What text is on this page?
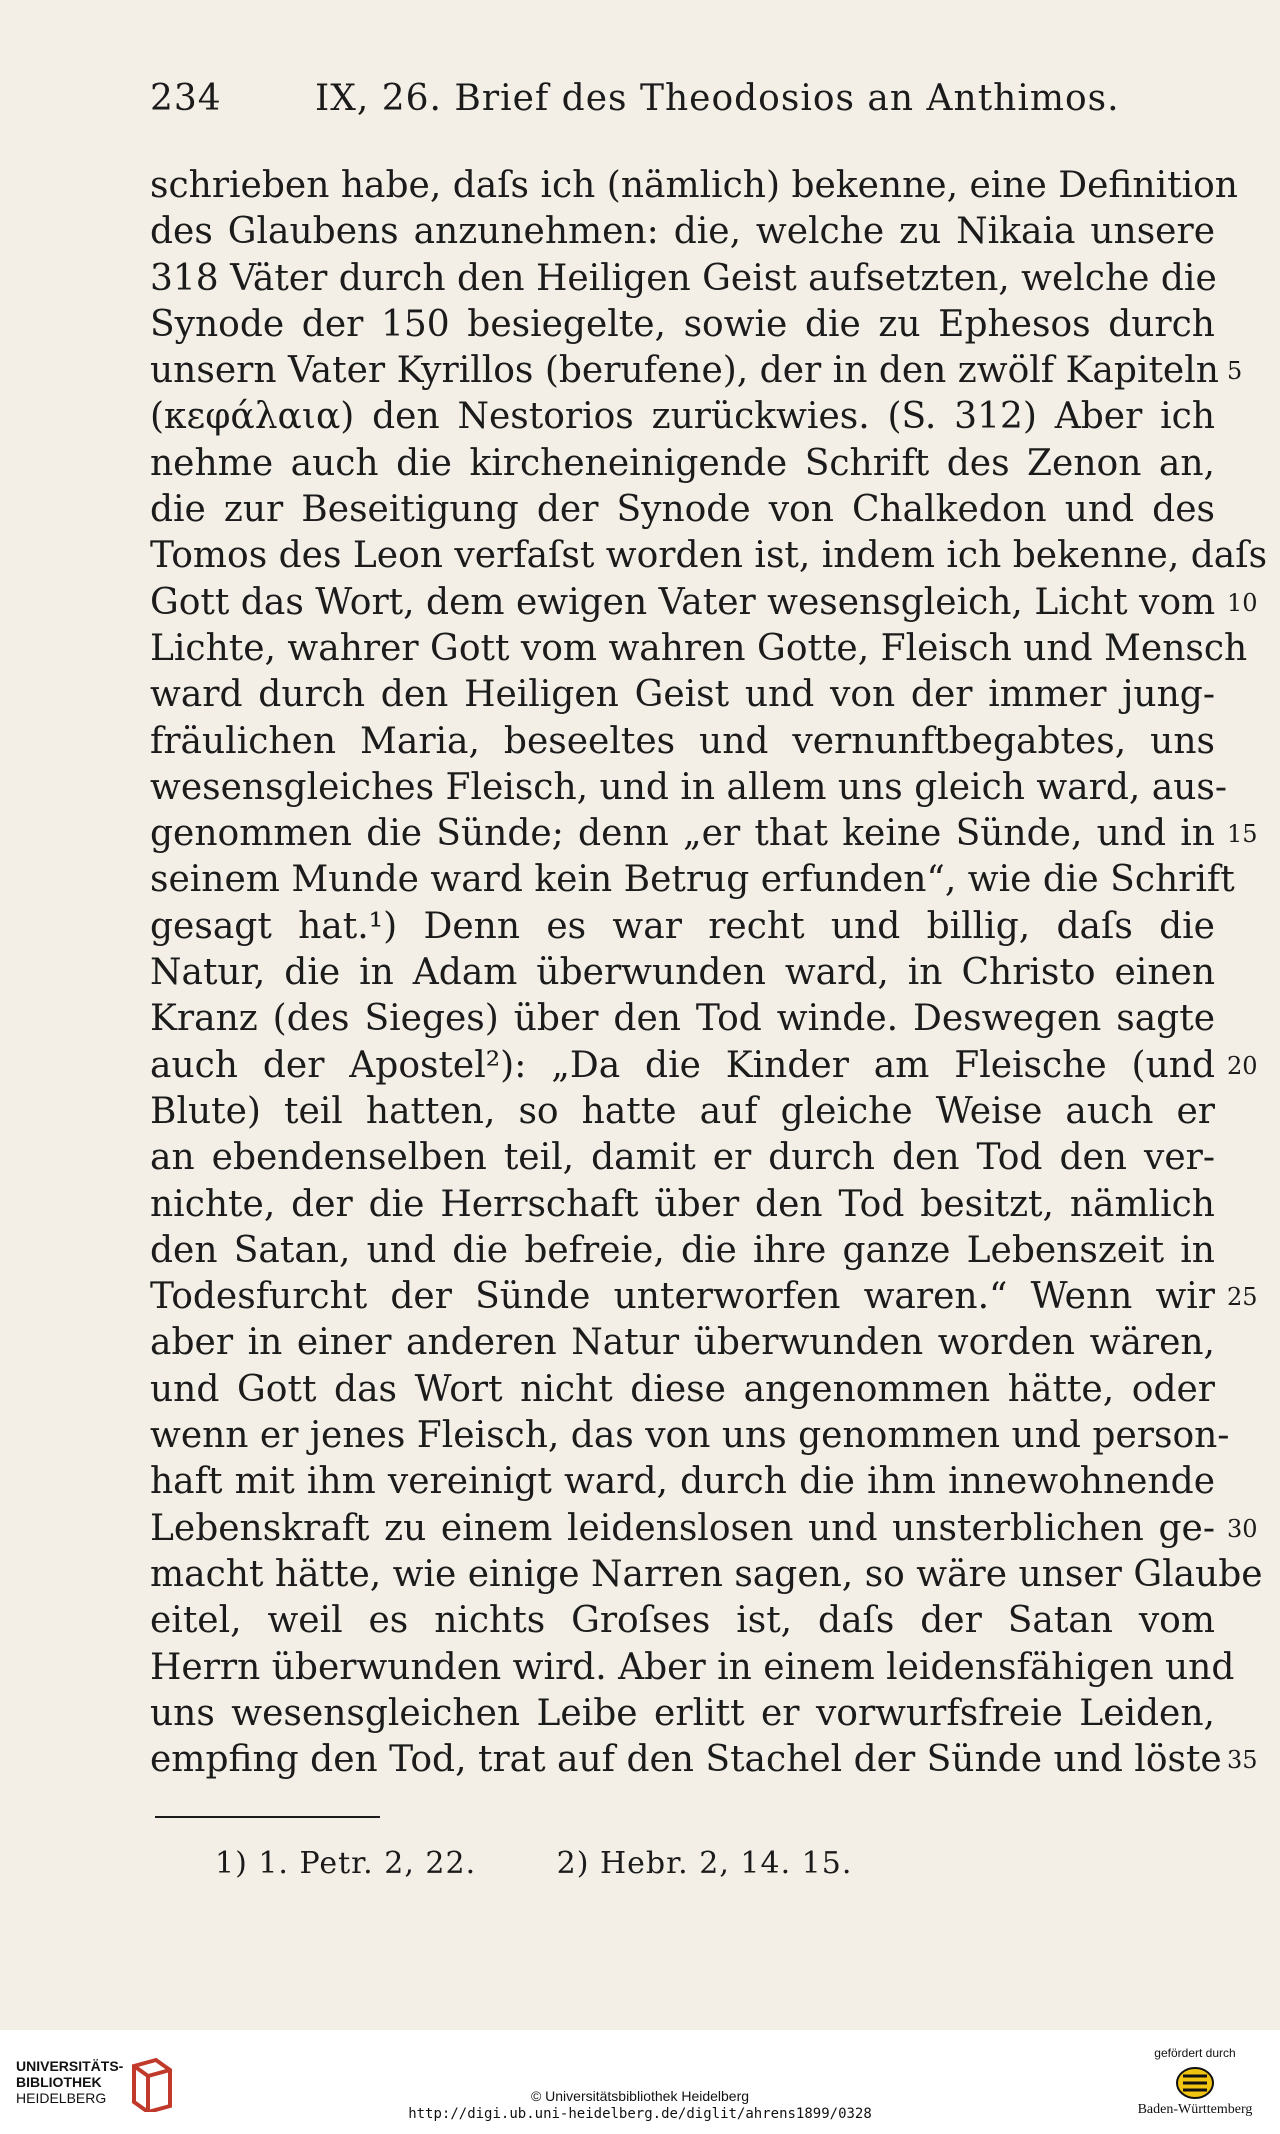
234	IX, 26. Brief des Theodosios an Anthimos.
schrieben habe, daſs ich (nämlich) bekenne, eine Definition
des Glaubens anzunehmen: die, welche zu Nikaia unsere
318 Väter durch den Heiligen Geist aufsetzten, welche die
Synode der 150 besiegelte, sowie die zu Ephesos durch
unsern Vater Kyrillos (berufene), der in den zwölf Kapiteln 5
(κεφάλαια) den Nestorios zurückwies. (S. 312) Aber ich
nehme auch die kircheneinigende Schrift des Zenon an,
die zur Beseitigung der Synode von Chalkedon und des
Tomos des Leon verfaſst worden ist, indem ich bekenne, daſs
Gott das Wort, dem ewigen Vater wesensgleich, Licht vom 10
Lichte, wahrer Gott vom wahren Gotte, Fleisch und Mensch
ward durch den Heiligen Geist und von der immer jung-
fräulichen Maria, beseeltes und vernunftbegabtes, uns
wesensgleiches Fleisch, und in allem uns gleich ward, aus-
genommen die Sünde; denn „er that keine Sünde, und in 15
seinem Munde ward kein Betrug erfunden“, wie die Schrift
gesagt hat.¹) Denn es war recht und billig, daſs die
Natur, die in Adam überwunden ward, in Christo einen
Kranz (des Sieges) über den Tod winde. Deswegen sagte
auch der Apostel²): „Da die Kinder am Fleische (und 20
Blute) teil hatten, so hatte auf gleiche Weise auch er
an ebendenselben teil, damit er durch den Tod den ver-
nichte, der die Herrschaft über den Tod besitzt, nämlich
den Satan, und die befreie, die ihre ganze Lebenszeit in
Todesfurcht der Sünde unterworfen waren.“ Wenn wir 25
aber in einer anderen Natur überwunden worden wären,
und Gott das Wort nicht diese angenommen hätte, oder
wenn er jenes Fleisch, das von uns genommen und person-
haft mit ihm vereinigt ward, durch die ihm innewohnende
Lebenskraft zu einem leidenslosen und unsterblichen ge- 30
macht hätte, wie einige Narren sagen, so wäre unser Glaube
eitel, weil es nichts Groſses ist, daſs der Satan vom
Herrn überwunden wird. Aber in einem leidensfähigen und
uns wesensgleichen Leibe erlitt er vorwurfsfreie Leiden,
empfing den Tod, trat auf den Stachel der Sünde und löste 35
1) 1. Petr. 2, 22.	2) Hebr. 2, 14. 15.
UNIVERSITÄTS-
BIBLIOTHEK
HEIDELBERG	© Universitätsbibliothek Heidelberg
http://digi.ub.uni-heidelberg.de/diglit/ahrens1899/0328
gefördert durch
Baden-Württemberg
